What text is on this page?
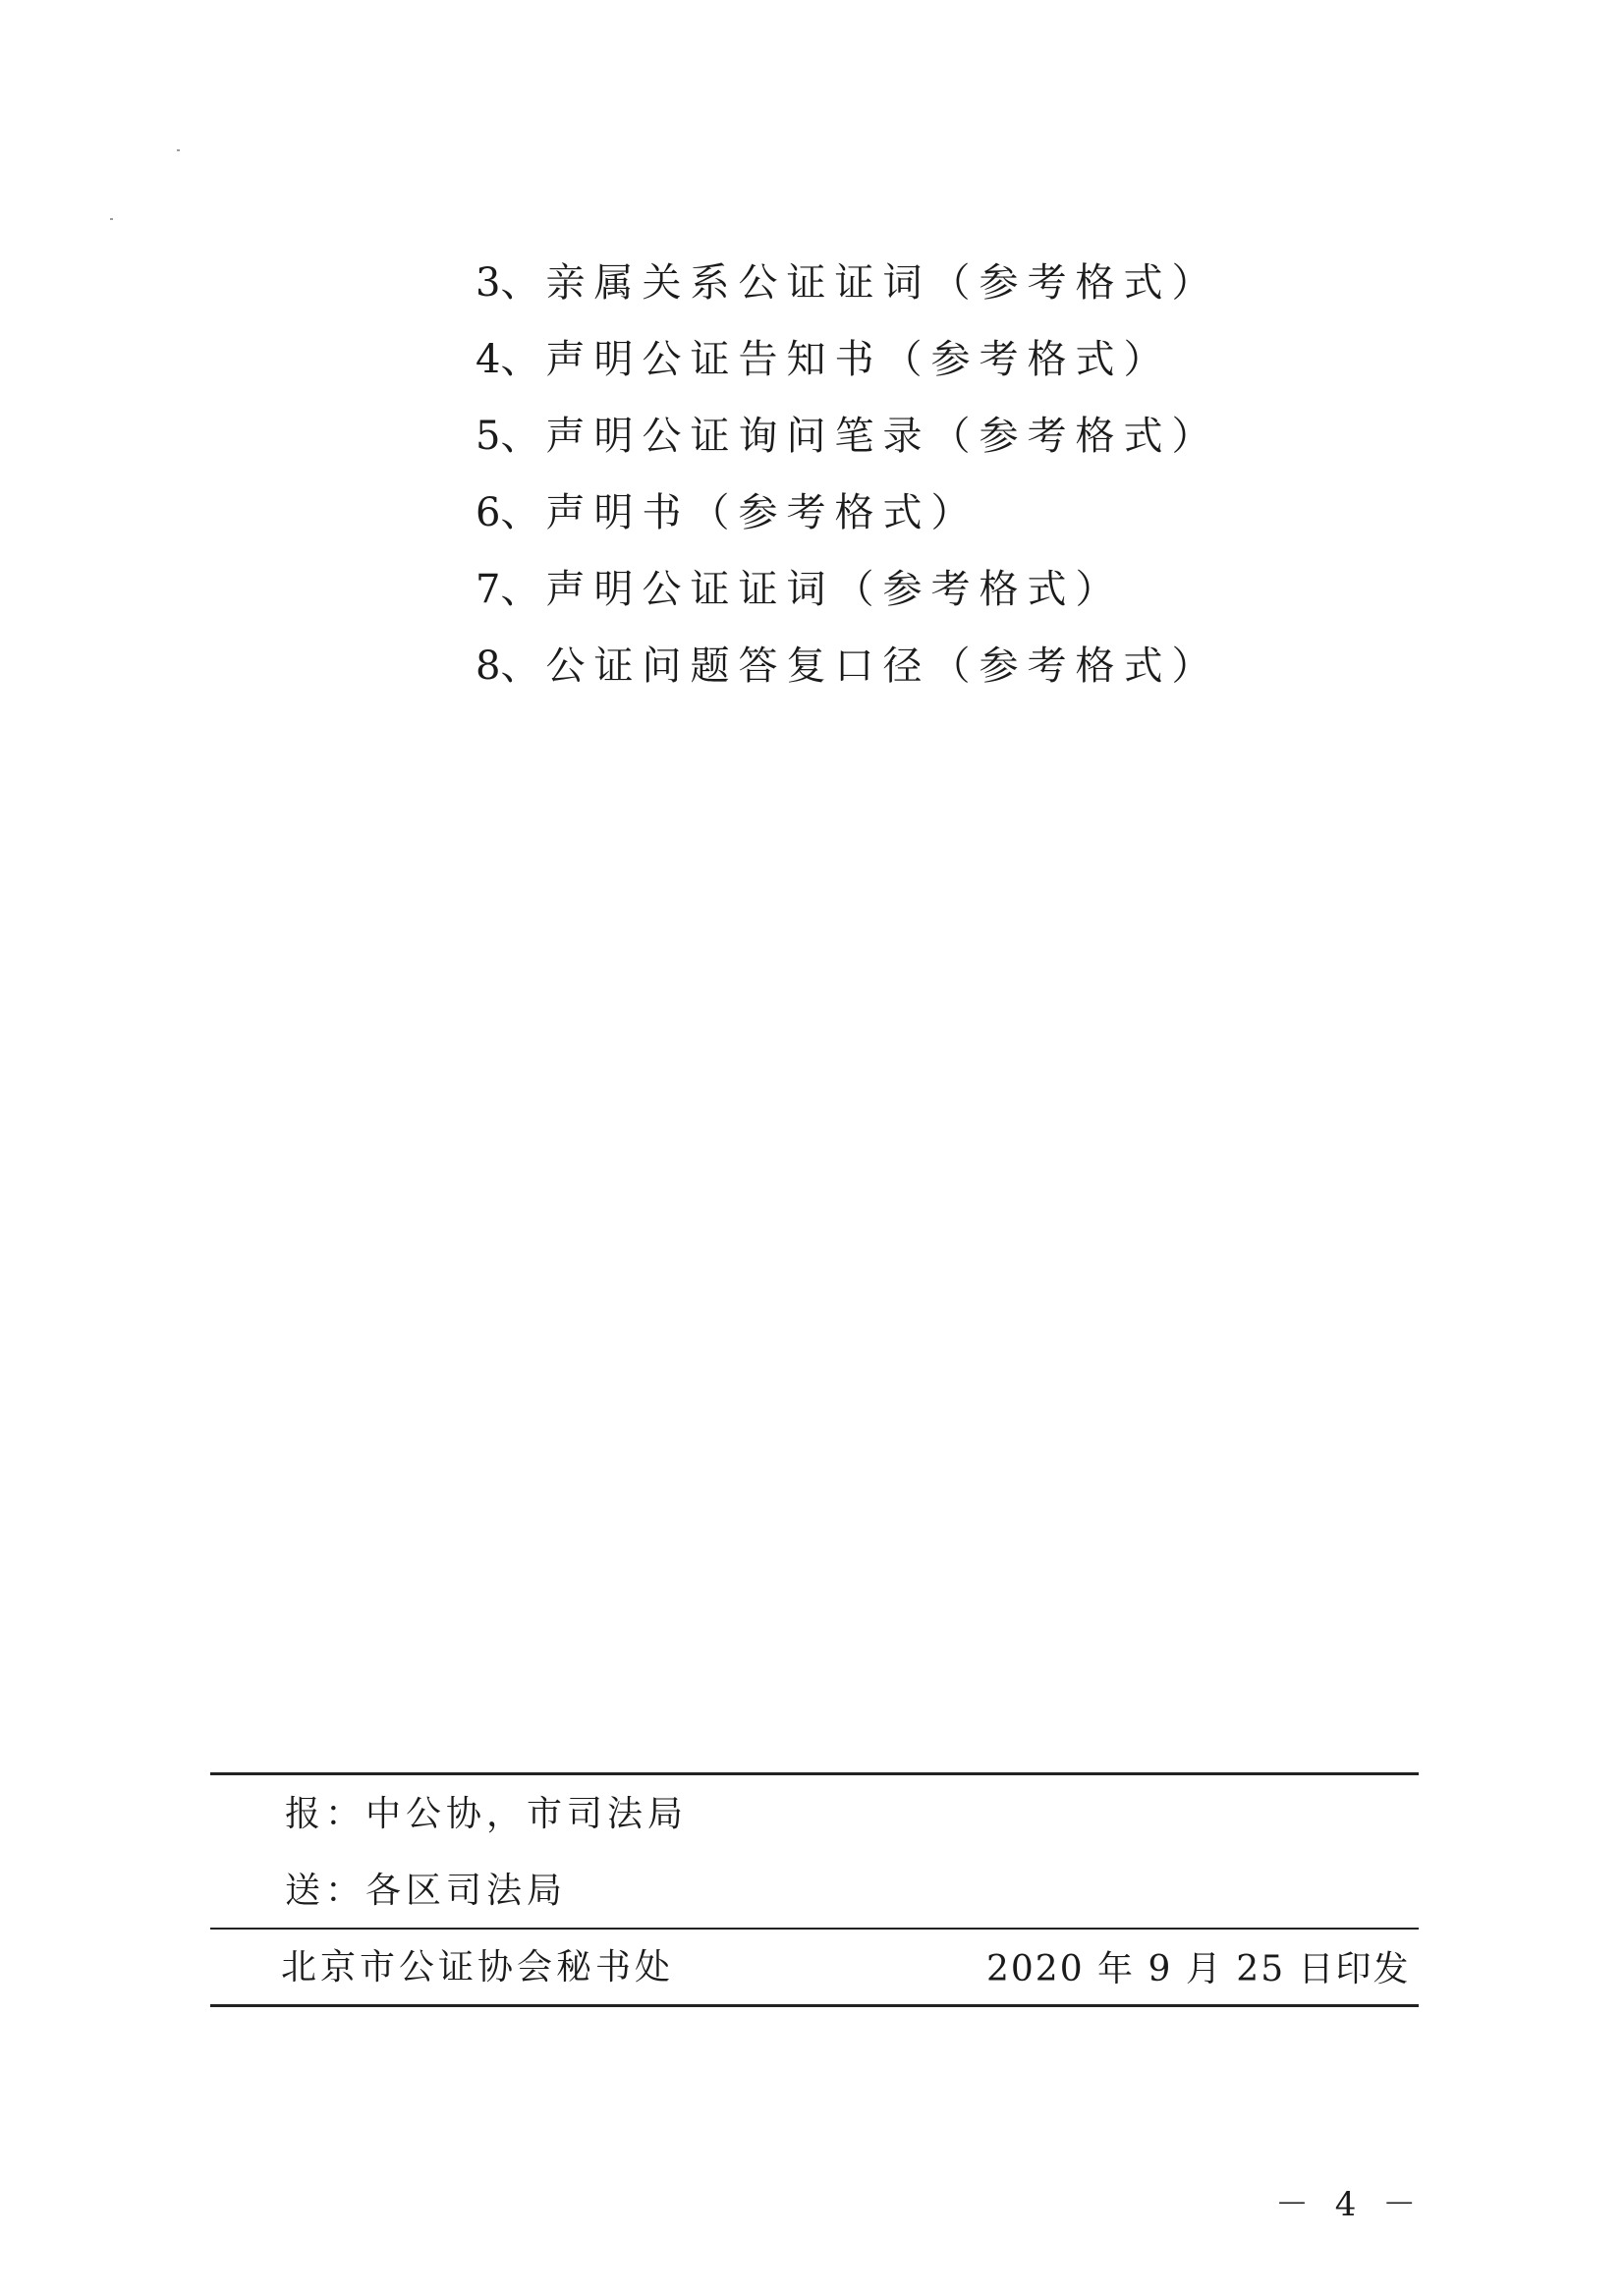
3、 亲属关系公证证词（参考格式）
4、 声明公证告知书（参考格式）
5、 声明公证询问笔录（参考格式）
6、 声明书（参考格式）
7、 声明公证证词（参考格式）
8、 公证问题答复口径（参考格式）
报：中公协，市司法局
送：各区司法局
北京市公证协会秘书处	2020 年 9 月 25 日印发
－ 4 －
